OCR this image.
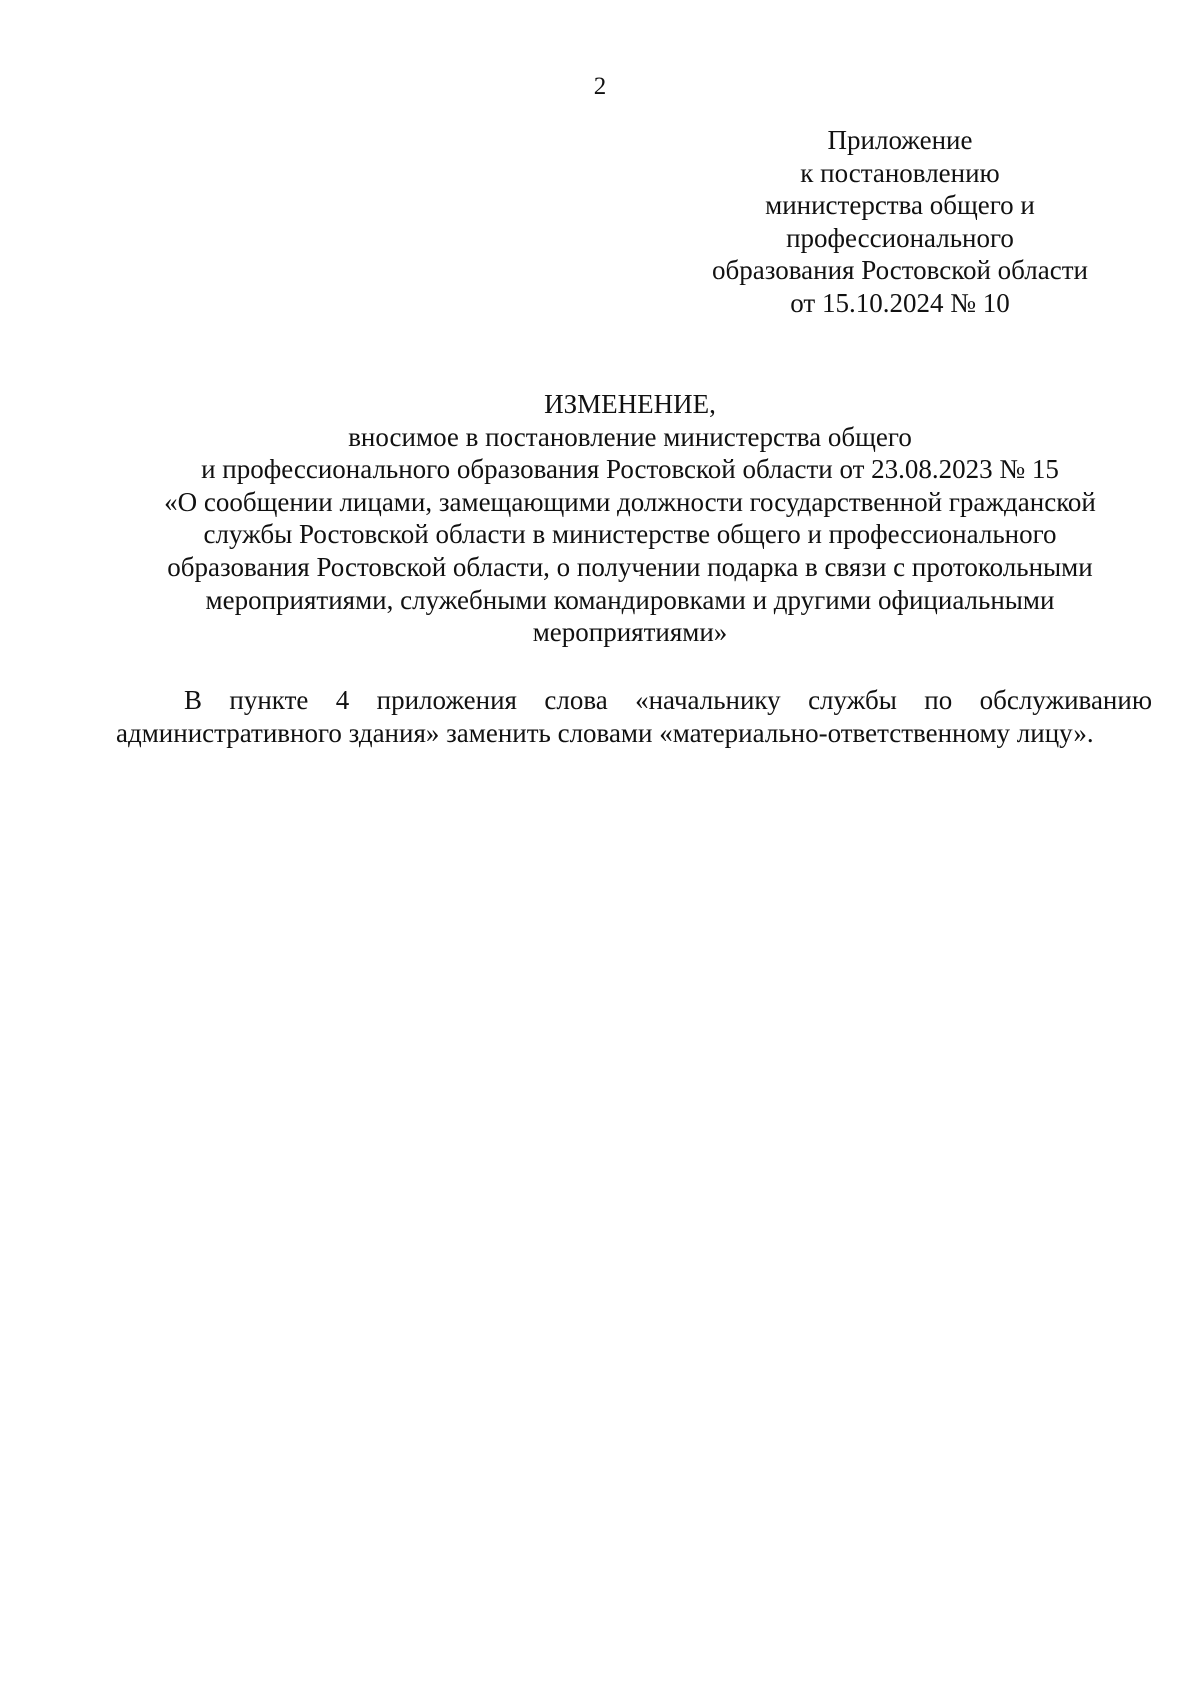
2
Приложение
к постановлению
министерства общего и
профессионального
образования Ростовской области
от 15.10.2024 № 10
ИЗМЕНЕНИЕ,
вносимое в постановление министерства общего
и профессионального образования Ростовской области от 23.08.2023 № 15
«О сообщении лицами, замещающими должности государственной гражданской
службы Ростовской области в министерстве общего и профессионального
образования Ростовской области, о получении подарка в связи с протокольными
мероприятиями, служебными командировками и другими официальными
мероприятиями»
В пункте 4 приложения слова «начальнику службы по обслуживанию
административного здания» заменить словами «материально-ответственному лицу».
